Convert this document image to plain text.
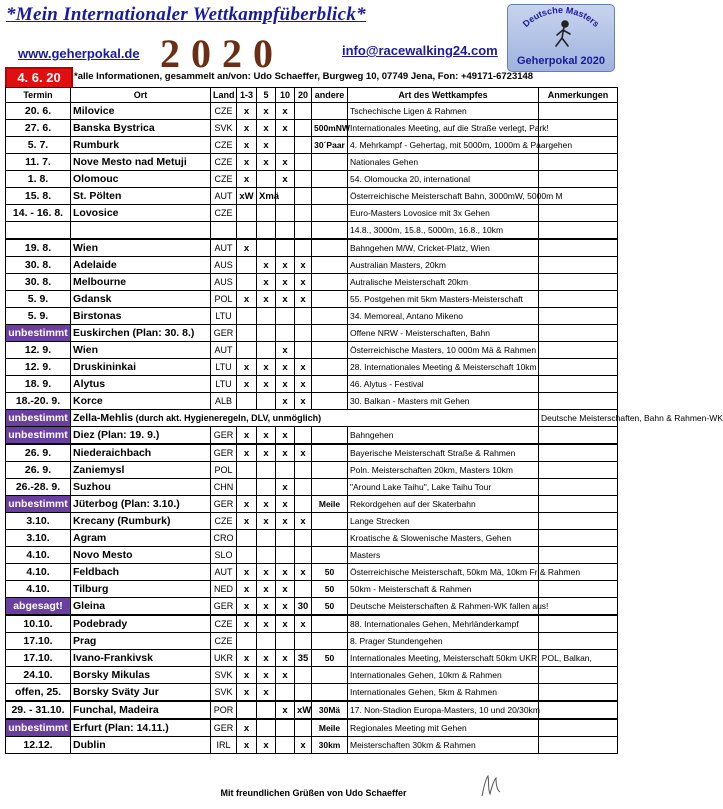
*Mein Internationaler Wettkampfüberblick*
2020
www.geherpokal.de	info@racewalking24.com
Deutsche Masters
Geherpokal 2020
4. 6. 20	*alle Informationen, gesammelt an/von: Udo Schaeffer, Burgweg 10, 07749 Jena, Fon: +49171-6723148
Termin	Ort	Land	1-3	5	10	20	andere	Art des Wettkampfes	Anmerkungen	
20. 6.	Milovice	CZE	x	x	x			Tschechische Ligen & Rahmen		
27. 6.	Banska Bystrica	SVK	x	x	x		500mNW	Internationales Meeting, auf die Straße verlegt, Park!		
5. 7.	Rumburk	CZE	x	x			30´Paar	4. Mehrkampf - Gehertag, mit 5000m, 1000m & Paargehen		
11. 7.	Nove Mesto nad Metuji	CZE	x	x	x			Nationales Gehen		
1. 8.	Olomouc	CZE	x		x			54. Olomoucka 20, international		
15. 8.	St. Pölten	AUT	xW	Xmä				Österreichische Meisterschaft Bahn, 3000mW, 5000m M		
14. - 16. 8.	Lovosice	CZE						Euro-Masters Lovosice mit 3x Gehen		
								14.8., 3000m, 15.8., 5000m, 16.8., 10km		
19. 8.	Wien	AUT	x					Bahngehen M/W, Cricket-Platz, Wien		
30. 8.	Adelaide	AUS		x	x	x		Australian Masters, 20km		
30. 8.	Melbourne	AUS		x	x	x		Autralische Meisterschaft 20km		
5. 9.	Gdansk	POL	x	x	x	x		55. Postgehen mit 5km Masters-Meisterschaft		
5. 9.	Birstonas	LTU						34. Memoreal, Antano Mikeno		
unbestimmt	Euskirchen (Plan: 30. 8.)	GER						Offene NRW - Meisterschaften, Bahn		
12. 9.	Wien	AUT			x			Österreichische Masters, 10 000m Mä & Rahmen		
12. 9.	Druskininkai	LTU	x	x	x	x		28. Internationales Meeting & Meisterschaft 10km		
18. 9.	Alytus	LTU	x	x	x	x		46. Alytus - Festival		
18.-20. 9.	Korce	ALB			x	x		30. Balkan - Masters mit Gehen		
unbestimmt	Zella-Mehlis (durch akt. Hygieneregeln, DLV, unmöglich)								Deutsche Meisterschaften, Bahn & Rahmen-WK	
unbestimmt	Diez (Plan: 19. 9.)	GER	x	x	x			Bahngehen		
26. 9.	Niederaichbach	GER	x	x	x	x		Bayerische Meisterschaft Straße & Rahmen		
26. 9.	Zaniemysl	POL						Poln. Meisterschaften 20km, Masters 10km		
26.-28. 9.	Suzhou	CHN			x			"Around Lake Taihu", Lake Taihu Tour		
unbestimmt	Jüterbog (Plan: 3.10.)	GER	x	x	x		Meile	Rekordgehen auf der Skaterbahn		
3.10.	Krecany (Rumburk)	CZE	x	x	x	x		Lange Strecken		
3.10.	Agram	CRO						Kroatische & Slowenische Masters, Gehen		
4.10.	Novo Mesto	SLO						Masters		
4.10.	Feldbach	AUT	x	x	x	x	50	Österreichische Meisterschaft, 50km Mä, 10km Fr & Rahmen		
4.10.	Tilburg	NED	x	x	x		50	50km - Meisterschaft & Rahmen		
abgesagt!	Gleina	GER	x	x	x	30	50	Deutsche Meisterschaften & Rahmen-WK fallen aus!		
10.10.	Podebrady	CZE	x	x	x	x		88. Internationales Gehen, Mehrländerkampf		
17.10.	Prag	CZE						8. Prager Stundengehen		
17.10.	Ivano-Frankivsk	UKR	x	x	x	35	50	Internationales Meeting, Meisterschaft 50km UKR, POL, Balkan,		
24.10.	Borsky Mikulas	SVK	x	x	x			Internationales Gehen, 10km & Rahmen		
offen, 25.	Borsky Sväty Jur	SVK	x	x				Internationales Gehen, 5km & Rahmen		
29. - 31.10.	Funchal, Madeira	POR			x	xW	30Mä	17. Non-Stadion Europa-Masters, 10 und 20/30km		
unbestimmt	Erfurt (Plan: 14.11.)	GER	x				Meile	Regionales Meeting mit Gehen		
12.12.	Dublin	IRL	x	x		x	30km	Meisterschaften 30km & Rahmen		
Mit freundlichen Grüßen von Udo Schaeffer
